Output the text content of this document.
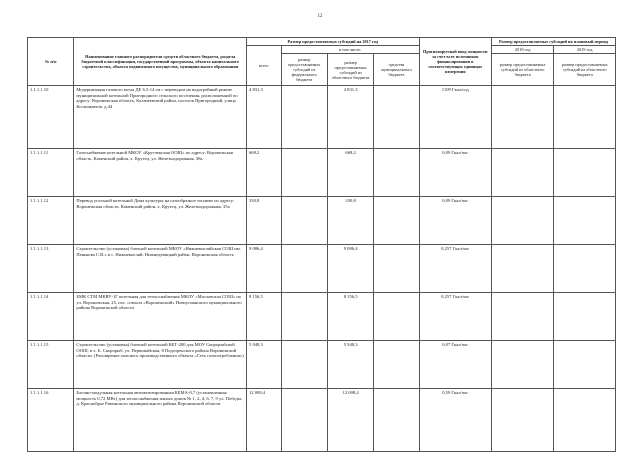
12
№ п/п	Наименование главного распорядителя средств областного бюджета, раздела бюджетной классификации, государственной программы, объекта капитального строительства, объекта недвижимого имущества, муниципального образования	Размер предоставляемых субсидий на 2017 год				Прогнозируемый ввод мощности за счет всех источников финансирования в соответствующих единицах измерения	Размер предоставляемых субсидий на плановый период	
		всего	в том числе:				2018 год	2019 год
			размер предоставляемых субсидий из федерального бюджета	размер предоставляемых субсидий из областного бюджета	средства муниципального бюджета		размер предоставляемых субсидий из областного бюджета	размер предоставляемых субсидий из областного бюджета
1.1.1.1.10	Модернизация газового котла ДЕ 6,5-14 гм с переводом на водогрейный режим муниципальной котельной Пригородного сельского поселения, расположенной по адресу: Воронежская область, Калачеевский район, поселок Пригородный, улица Космонавтов, д.44	4 831,3		4 831,3		1109 Гкал/год		
1.1.1.1.11	Газоснабжение котельной МКОУ «Крутченская ООШ» по адресу: Воронежская область, Каменский район, х. Крутец, ул. Железнодорожная, 38а	668,2		668,2		0,09 Гкал/час		
1.1.1.1.12	Перевод угольной котельной Дома культуры на газообразное топливо по адресу: Воронежская область, Каменский район, х. Крутец, ул. Железнодорожная, 35а	330,8		330,8		0,09 Гкал/час		
1.1.1.1.13	Строительство (установка) блочной котельной МКОУ «Нижнекисляйская СОШ им. Пенькова С.В.» в с. Нижнекисляй, Нижнедевицкий район, Воронежская область	9 086,4		9 086,4		0,257 Гкал/час		
1.1.1.1.14	БМК СТМ МКВУ-1Г котельная для теплоснабжения МКОУ «Масловская СОШ» по ул. Воронежская, 25, пос. совхоза «Воронежский» Новоусманского муниципального района Воронежской области	8 156,5		8 156,5		0,257 Гкал/час		
1.1.1.1.15	Строительство (установка) блочной котельной КБТ-200 для МОУ Скорорыбской ООШ, в х. Б. Скорорыб, ул. Первомайская, 8 Подгоренского района Воронежской области. (Расширение опасного производственного объекта «Сеть газопотребления»)	5 948,3		5 948,3		0,07 Гкал/час		
1.1.1.1.16	Блочно-модульная котельная автоматизированная КБМА-0,7 (установленная мощность 0,72 МВт) для теплоснабжения жилых домов № 1, 2, 4, 6, 7, 9 ул. Победы, д. Краснобрье Рамонского муниципального района Воронежской области	12 008,4		12 008,4		0,59 Гкал/час		
